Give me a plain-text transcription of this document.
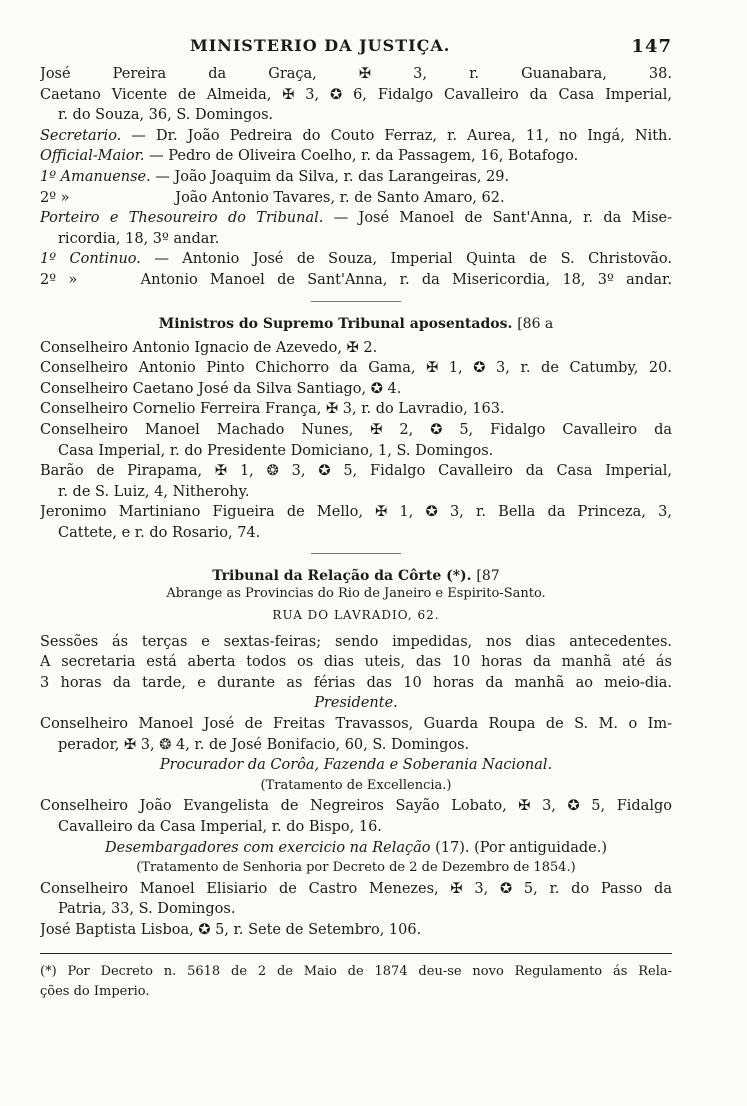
MINISTERIO DA JUSTIÇA.	147
José Pereira da Graça, ✠ 3, r. Guanabara, 38.
Caetano Vicente de Almeida, ✠ 3, ✪ 6, Fidalgo Cavalleiro da Casa Imperial,
r. do Souza, 36, S. Domingos.
Secretario. — Dr. João Pedreira do Couto Ferraz, r. Aurea, 11, no Ingá, Nith.
Official-Maior. — Pedro de Oliveira Coelho, r. da Passagem, 16, Botafogo.
1º Amanuense. — João Joaquim da Silva, r. das Larangeiras, 29.
2º »	João Antonio Tavares, r. de Santo Amaro, 62.
Porteiro e Thesoureiro do Tribunal. — José Manoel de Sant'Anna, r. da Mise-
ricordia, 18, 3º andar.
1º Continuo. — Antonio José de Souza, Imperial Quinta de S. Christovão.
2º »	Antonio Manoel de Sant'Anna, r. da Misericordia, 18, 3º andar.
Ministros do Supremo Tribunal aposentados. [86 a
Conselheiro Antonio Ignacio de Azevedo, ✠ 2.
Conselheiro Antonio Pinto Chichorro da Gama, ✠ 1, ✪ 3, r. de Catumby, 20.
Conselheiro Caetano José da Silva Santiago, ✪ 4.
Conselheiro Cornelio Ferreira França, ✠ 3, r. do Lavradio, 163.
Conselheiro Manoel Machado Nunes, ✠ 2, ✪ 5, Fidalgo Cavalleiro da
Casa Imperial, r. do Presidente Domiciano, 1, S. Domingos.
Barão de Pirapama, ✠ 1, ❂ 3, ✪ 5, Fidalgo Cavalleiro da Casa Imperial,
r. de S. Luiz, 4, Nitherohy.
Jeronimo Martiniano Figueira de Mello, ✠ 1, ✪ 3, r. Bella da Princeza, 3,
Cattete, e r. do Rosario, 74.
Tribunal da Relação da Côrte (*). [87
Abrange as Provincias do Rio de Janeiro e Espirito-Santo.
RUA DO LAVRADIO, 62.
Sessões ás terças e sextas-feiras; sendo impedidas, nos dias antecedentes.
A secretaria está aberta todos os dias uteis, das 10 horas da manhã até ás
3 horas da tarde, e durante as férias das 10 horas da manhã ao meio-dia.
Presidente.
Conselheiro Manoel José de Freitas Travassos, Guarda Roupa de S. M. o Im-
perador, ✠ 3, ❂ 4, r. de José Bonifacio, 60, S. Domingos.
Procurador da Corôa, Fazenda e Soberania Nacional.
(Tratamento de Excellencia.)
Conselheiro João Evangelista de Negreiros Sayão Lobato, ✠ 3, ✪ 5, Fidalgo
Cavalleiro da Casa Imperial, r. do Bispo, 16.
Desembargadores com exercicio na Relação (17). (Por antiguidade.)
(Tratamento de Senhoria por Decreto de 2 de Dezembro de 1854.)
Conselheiro Manoel Elisiario de Castro Menezes, ✠ 3, ✪ 5, r. do Passo da
Patria, 33, S. Domingos.
José Baptista Lisboa, ✪ 5, r. Sete de Setembro, 106.
(*) Por Decreto n. 5618 de 2 de Maio de 1874 deu-se novo Regulamento ás Rela-
ções do Imperio.
